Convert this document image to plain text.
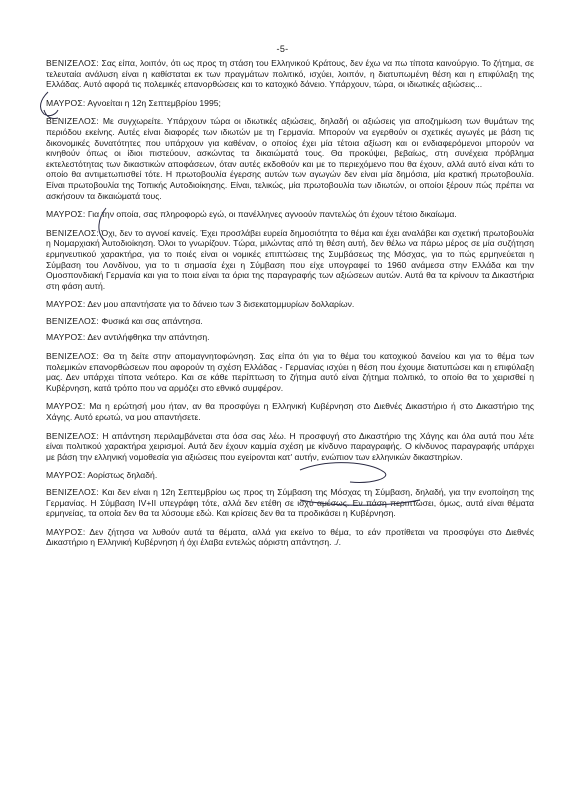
-5-

ΒΕΝΙΖΕΛΟΣ: Σας είπα, λοιπόν, ότι ως προς τη στάση του Ελληνικού Κράτους, δεν έχω να πω τίποτα καινούργιο. Το ζήτημα, σε τελευταία ανάλυση είναι η καθίσταται εκ των πραγμάτων πολιτικό, ισχύει, λοιπόν, η διατυπωμένη θέση και η επιφύλαξη της Ελλάδας. Αυτό αφορά τις πολεμικές επανορθώσεις και το κατοχικό δάνειο. Υπάρχουν, τώρα, οι ιδιωτικές αξιώσεις...

ΜΑΥΡΟΣ: Αγνοείται η 12η Σεπτεμβρίου 1995;

ΒΕΝΙΖΕΛΟΣ: Με συγχωρείτε. Υπάρχουν τώρα οι ιδιωτικές αξιώσεις, δηλαδή οι αξιώσεις για αποζημίωση των θυμάτων της περιόδου εκείνης. Αυτές είναι διαφορές των ιδιωτών με τη Γερμανία. Μπορούν να εγερθούν οι σχετικές αγωγές με βάση τις δικονομικές δυνατότητες που υπάρχουν για καθέναν, ο οποίος έχει μία τέτοια αξίωση και οι ενδιαφερόμενοι μπορούν να κινηθούν όπως οι ίδιοι πιστεύουν, ασκώντας τα δικαιώματά τους. Θα προκύψει, βεβαίως, στη συνέχεια πρόβλημα εκτελεστότητας των δικαστικών αποφάσεων, όταν αυτές εκδοθούν και με το περιεχόμενο που θα έχουν, αλλά αυτό είναι κάτι το οποίο θα αντιμετωπισθεί τότε. Η πρωτοβουλία έγερσης αυτών των αγωγών δεν είναι μία δημόσια, μία κρατική πρωτοβουλία. Είναι πρωτοβουλία της Τοπικής Αυτοδιοίκησης. Είναι, τελικώς, μία πρωτοβουλία των ιδιωτών, οι οποίοι ξέρουν πώς πρέπει να ασκήσουν τα δικαιώματά τους.

ΜΑΥΡΟΣ: Για την οποία, σας πληροφορώ εγώ, οι πανέλληνες αγνοούν παντελώς ότι έχουν τέτοιο δικαίωμα.

ΒΕΝΙΖΕΛΟΣ: Όχι, δεν το αγνοεί κανείς. Έχει προσλάβει ευρεία δημοσιότητα το θέμα και έχει αναλάβει και σχετική πρωτοβουλία η Νομαρχιακή Αυτοδιοίκηση. Όλοι το γνωρίζουν. Τώρα, μιλώντας από τη θέση αυτή, δεν θέλω να πάρω μέρος σε μία συζήτηση ερμηνευτικού χαρακτήρα, για το ποιές είναι οι νομικές επιπτώσεις της Συμβάσεως της Μόσχας, για το πώς ερμηνεύεται η Σύμβαση του Λονδίνου, για το τι σημασία έχει η Σύμβαση που είχε υπογραφεί το 1960 ανάμεσα στην Ελλάδα και την Ομοσπονδιακή Γερμανία και για το ποια είναι τα όρια της παραγραφής των αξιώσεων αυτών. Αυτά θα τα κρίνουν τα Δικαστήρια στη φάση αυτή.

ΜΑΥΡΟΣ: Δεν μου απαντήσατε για το δάνειο των 3 δισεκατομμυρίων δολλαρίων.

ΒΕΝΙΖΕΛΟΣ: Φυσικά και σας απάντησα.

ΜΑΥΡΟΣ: Δεν αντιλήφθηκα την απάντηση.

ΒΕΝΙΖΕΛΟΣ: Θα τη δείτε στην απομαγνητοφώνηση. Σας είπα ότι για το θέμα του κατοχικού δανείου και για το θέμα των πολεμικών επανορθώσεων που αφορούν τη σχέση Ελλάδας - Γερμανίας ισχύει η θέση που έχουμε διατυπώσει και η επιφύλαξη μας. Δεν υπάρχει τίποτα νεότερο. Και σε κάθε περίπτωση το ζήτημα αυτό είναι ζήτημα πολιτικό, το οποίο θα το χειρισθεί η Κυβέρνηση, κατά τρόπο που να αρμόζει στο εθνικό συμφέρον.

ΜΑΥΡΟΣ: Μα η ερώτησή μου ήταν, αν θα προσφύγει η Ελληνική Κυβέρνηση στο Διεθνές Δικαστήριο ή στο Δικαστήριο της Χάγης. Αυτό ερωτώ, να μου απαντήσετε.

ΒΕΝΙΖΕΛΟΣ: Η απάντηση περιλαμβάνεται στα όσα σας λέω. Η προσφυγή στο Δικαστήριο της Χάγης και όλα αυτά που λέτε είναι πολιτικού χαρακτήρα χειρισμοί. Αυτά δεν έχουν καμμία σχέση με κίνδυνο παραγραφής. Ο κίνδυνος παραγραφής υπάρχει με βάση την ελληνική νομοθεσία για αξιώσεις που εγείρονται κατ' αυτήν, ενώπιον των ελληνικών δικαστηρίων.

ΜΑΥΡΟΣ: Αορίστως δηλαδή.

ΒΕΝΙΖΕΛΟΣ: Και δεν είναι η 12η Σεπτεμβρίου ως προς τη Σύμβαση της Μόσχας τη Σύμβαση, δηλαδή, για την ενοποίηση της Γερμανίας. Η Σύμβαση IV+II υπεγράφη τότε, αλλά δεν ετέθη σε ισχύ αμέσως. Εν πάση περιπτώσει, όμως, αυτά είναι θέματα ερμηνείας, τα οποία δεν θα τα λύσουμε εδώ. Και κρίσεις δεν θα τα προδικάσει η Κυβέρνηση.

ΜΑΥΡΟΣ: Δεν ζήτησα να λυθούν αυτά τα θέματα, αλλά για εκείνο το θέμα, το εάν προτίθεται να προσφύγει στο Διεθνές Δικαστήριο η Ελληνική Κυβέρνηση ή όχι έλαβα εντελώς αόριστη απάντηση. ./.
